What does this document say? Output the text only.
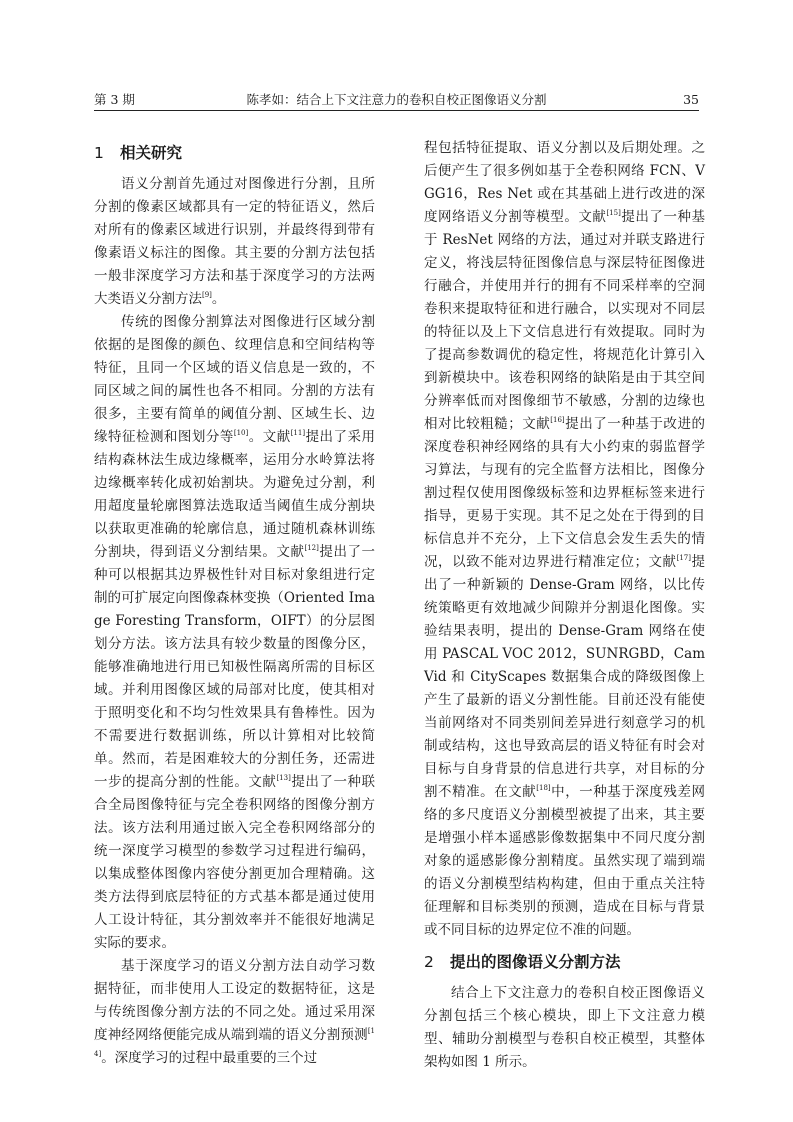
第 3 期	陈孝如：结合上下文注意力的卷积自校正图像语义分割	35
1 相关研究

语义分割首先通过对图像进行分割，且所分割的像素区域都具有一定的特征语义，然后对所有的像素区域进行识别，并最终得到带有像素语义标注的图像。其主要的分割方法包括一般非深度学习方法和基于深度学习的方法两大类语义分割方法[9]。

传统的图像分割算法对图像进行区域分割依据的是图像的颜色、纹理信息和空间结构等特征，且同一个区域的语义信息是一致的，不同区域之间的属性也各不相同。分割的方法有很多，主要有简单的阈值分割、区域生长、边缘特征检测和图划分等[10]。文献[11]提出了采用结构森林法生成边缘概率，运用分水岭算法将边缘概率转化成初始割块。为避免过分割，利用超度量轮廓图算法选取适当阈值生成分割块以获取更准确的轮廓信息，通过随机森林训练分割块，得到语义分割结果。文献[12]提出了一种可以根据其边界极性针对目标对象组进行定制的可扩展定向图像森林变换（Oriented Image Foresting Transform，OIFT）的分层图划分方法。该方法具有较少数量的图像分区，能够准确地进行用已知极性隔离所需的目标区域。并利用图像区域的局部对比度，使其相对于照明变化和不均匀性效果具有鲁棒性。因为不需要进行数据训练，所以计算相对比较简单。然而，若是困难较大的分割任务，还需进一步的提高分割的性能。文献[13]提出了一种联合全局图像特征与完全卷积网络的图像分割方法。该方法利用通过嵌入完全卷积网络部分的统一深度学习模型的参数学习过程进行编码，以集成整体图像内容使分割更加合理精确。这类方法得到底层特征的方式基本都是通过使用人工设计特征，其分割效率并不能很好地满足实际的要求。

基于深度学习的语义分割方法自动学习数据特征，而非使用人工设定的数据特征，这是与传统图像分割方法的不同之处。通过采用深度神经网络便能完成从端到端的语义分割预测[14]。深度学习的过程中最重要的三个过

程包括特征提取、语义分割以及后期处理。之后便产生了很多例如基于全卷积网络 FCN、VGG16，Res Net 或在其基础上进行改进的深度网络语义分割等模型。文献[15]提出了一种基于 ResNet 网络的方法，通过对并联支路进行定义，将浅层特征图像信息与深层特征图像进行融合，并使用并行的拥有不同采样率的空洞卷积来提取特征和进行融合，以实现对不同层的特征以及上下文信息进行有效提取。同时为了提高参数调优的稳定性，将规范化计算引入到新模块中。该卷积网络的缺陷是由于其空间分辨率低而对图像细节不敏感，分割的边缘也相对比较粗糙；文献[16]提出了一种基于改进的深度卷积神经网络的具有大小约束的弱监督学习算法，与现有的完全监督方法相比，图像分割过程仅使用图像级标签和边界框标签来进行指导，更易于实现。其不足之处在于得到的目标信息并不充分，上下文信息会发生丢失的情况，以致不能对边界进行精准定位；文献[17]提出了一种新颖的 Dense-Gram 网络，以比传统策略更有效地减少间隙并分割退化图像。实验结果表明，提出的 Dense-Gram 网络在使用 PASCAL VOC 2012，SUNRGBD，CamVid 和 CityScapes 数据集合成的降级图像上产生了最新的语义分割性能。目前还没有能使当前网络对不同类别间差异进行刻意学习的机制或结构，这也导致高层的语义特征有时会对目标与自身背景的信息进行共享，对目标的分割不精准。在文献[18]中，一种基于深度残差网络的多尺度语义分割模型被提了出来，其主要是增强小样本遥感影像数据集中不同尺度分割对象的遥感影像分割精度。虽然实现了端到端的语义分割模型结构构建，但由于重点关注特征理解和目标类别的预测，造成在目标与背景或不同目标的边界定位不准的问题。

2 提出的图像语义分割方法

结合上下文注意力的卷积自校正图像语义分割包括三个核心模块，即上下文注意力模型、辅助分割模型与卷积自校正模型，其整体架构如图 1 所示。
